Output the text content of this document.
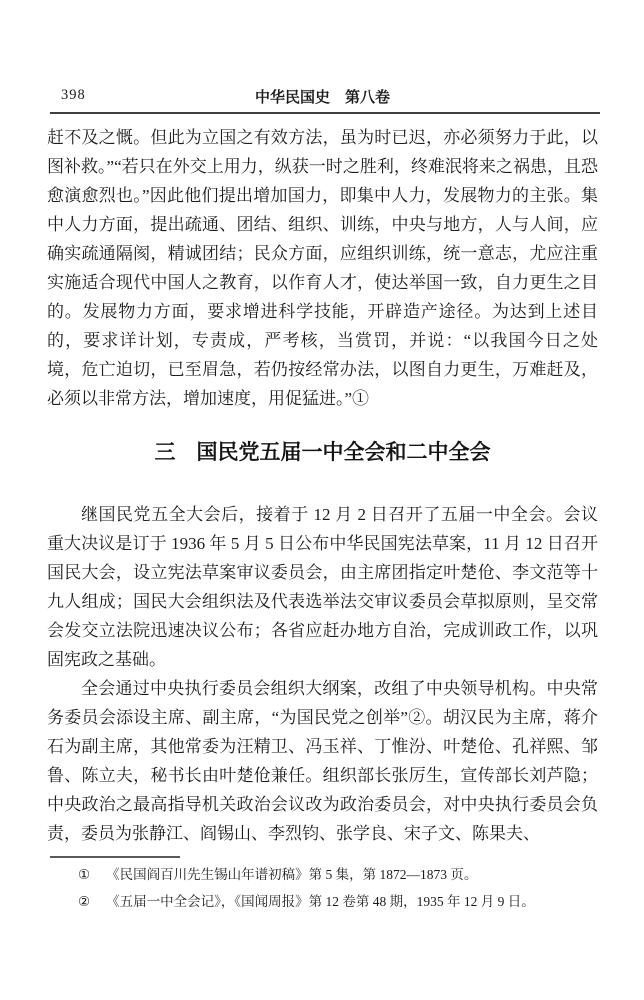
398	中华民国史　第八卷

赶不及之慨。但此为立国之有效方法，虽为时已迟，亦必须努力于此，以图补救。”“若只在外交上用力，纵获一时之胜利，终难泯将来之祸患，且恐愈演愈烈也。”因此他们提出增加国力，即集中人力，发展物力的主张。集中人力方面，提出疏通、团结、组织、训练，中央与地方，人与人间，应确实疏通隔阂，精诚团结；民众方面，应组织训练，统一意志，尤应注重实施适合现代中国人之教育，以作育人才，使达举国一致，自力更生之目的。发展物力方面，要求增进科学技能，开辟造产途径。为达到上述目的，要求详计划，专责成，严考核，当赏罚，并说：“以我国今日之处境，危亡迫切，已至眉急，若仍按经常办法，以图自力更生，万难赶及，必须以非常方法，增加速度，用促猛进。”①

三　国民党五届一中全会和二中全会

继国民党五全大会后，接着于 12 月 2 日召开了五届一中全会。会议重大决议是订于 1936 年 5 月 5 日公布中华民国宪法草案，11 月 12 日召开国民大会，设立宪法草案审议委员会，由主席团指定叶楚伧、李文范等十九人组成；国民大会组织法及代表选举法交审议委员会草拟原则，呈交常会发交立法院迅速决议公布；各省应赶办地方自治，完成训政工作，以巩固宪政之基础。

全会通过中央执行委员会组织大纲案，改组了中央领导机构。中央常务委员会添设主席、副主席，“为国民党之创举”②。胡汉民为主席，蒋介石为副主席，其他常委为汪精卫、冯玉祥、丁惟汾、叶楚伧、孔祥熙、邹鲁、陈立夫，秘书长由叶楚伧兼任。组织部长张厉生，宣传部长刘芦隐；中央政治之最高指导机关政治会议改为政治委员会，对中央执行委员会负责，委员为张静江、阎锡山、李烈钧、张学良、宋子文、陈果夫、

① 《民国阎百川先生锡山年谱初稿》第 5 集，第 1872—1873 页。
② 《五届一中全会记》，《国闻周报》第 12 卷第 48 期，1935 年 12 月 9 日。
